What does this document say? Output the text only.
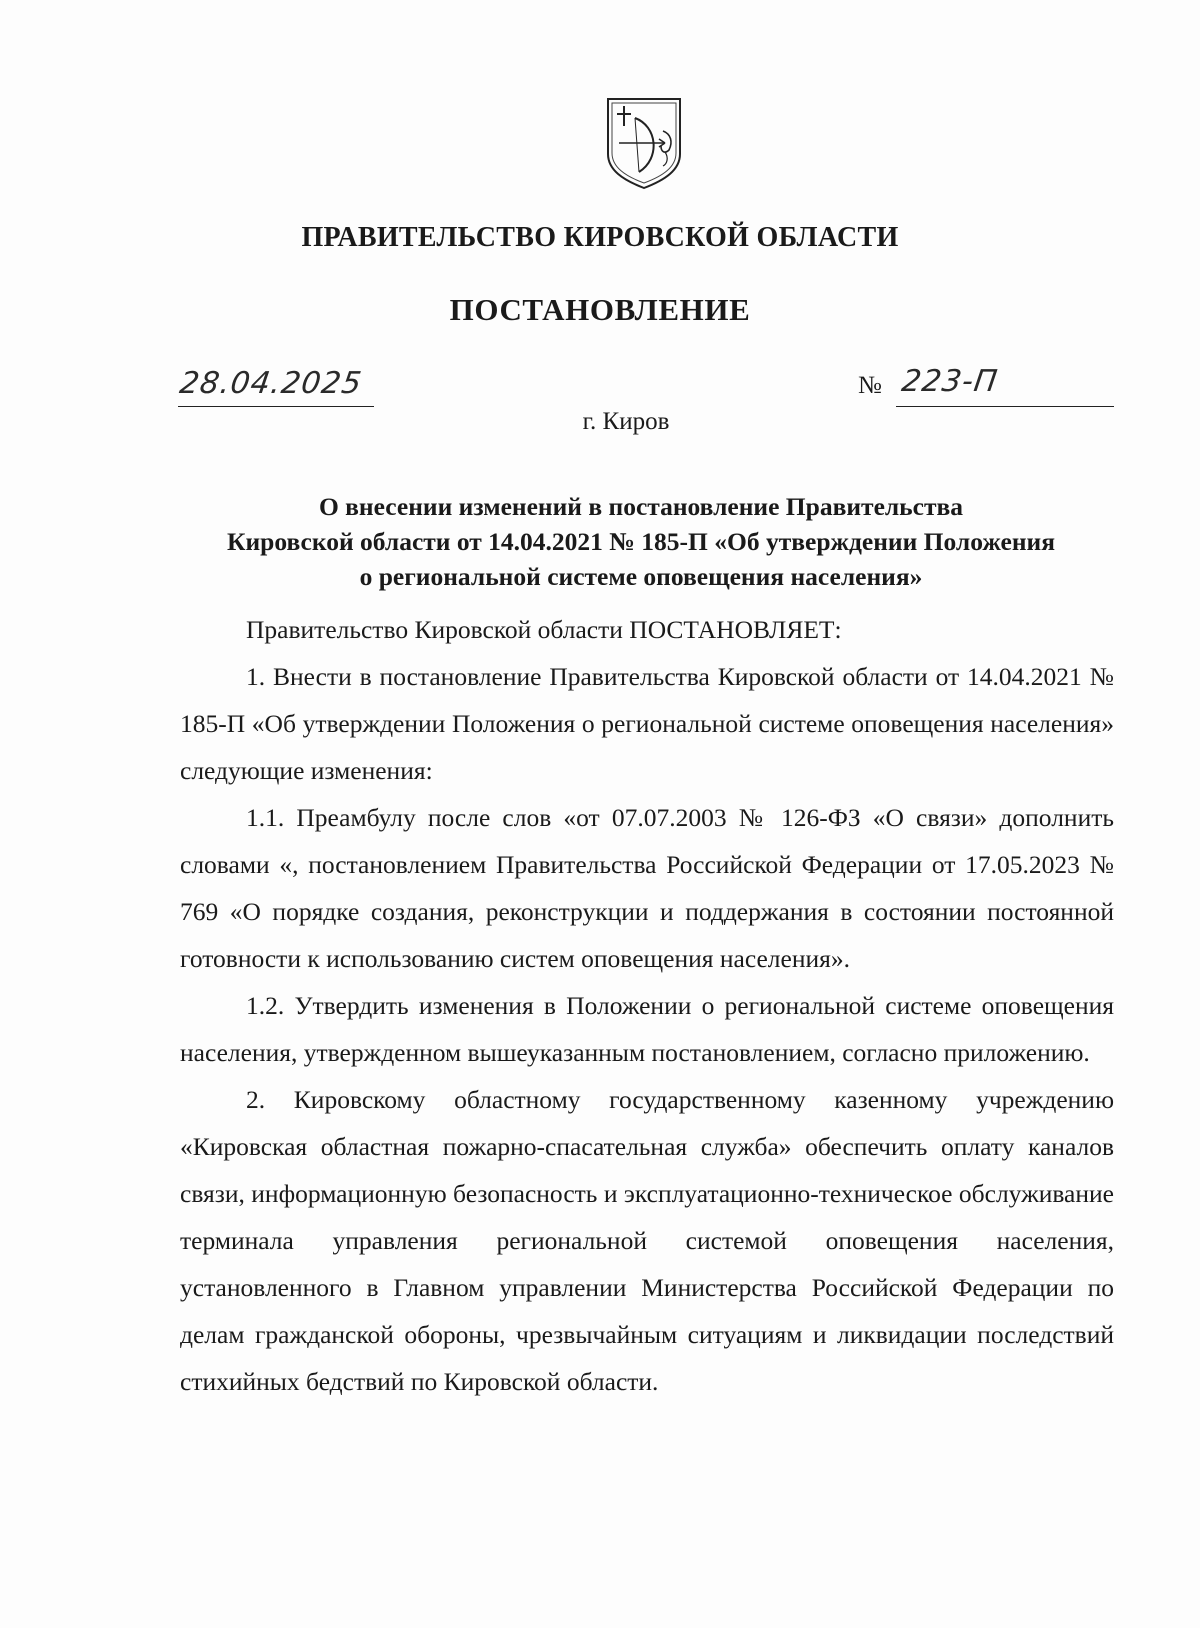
ПРАВИТЕЛЬСТВО КИРОВСКОЙ ОБЛАСТИ
ПОСТАНОВЛЕНИЕ
28.04.2025	№ 223-П
г. Киров
О внесении изменений в постановление Правительства
Кировской области от 14.04.2021 № 185-П «Об утверждении Положения
о региональной системе оповещения населения»

Правительство Кировской области ПОСТАНОВЛЯЕТ:

1. Внести в постановление Правительства Кировской области от 14.04.2021 № 185-П «Об утверждении Положения о региональной системе оповещения населения» следующие изменения:

1.1. Преамбулу после слов «от 07.07.2003 № 126-ФЗ «О связи» дополнить словами «, постановлением Правительства Российской Федерации от 17.05.2023 № 769 «О порядке создания, реконструкции и поддержания в состоянии постоянной готовности к использованию систем оповещения населения».

1.2. Утвердить изменения в Положении о региональной системе оповещения населения, утвержденном вышеуказанным постановлением, согласно приложению.

2. Кировскому областному государственному казенному учреждению «Кировская областная пожарно-спасательная служба» обеспечить оплату каналов связи, информационную безопасность и эксплуатационно-техническое обслуживание терминала управления региональной системой оповещения населения, установленного в Главном управлении Министерства Российской Федерации по делам гражданской обороны, чрезвычайным ситуациям и ликвидации последствий стихийных бедствий по Кировской области.
